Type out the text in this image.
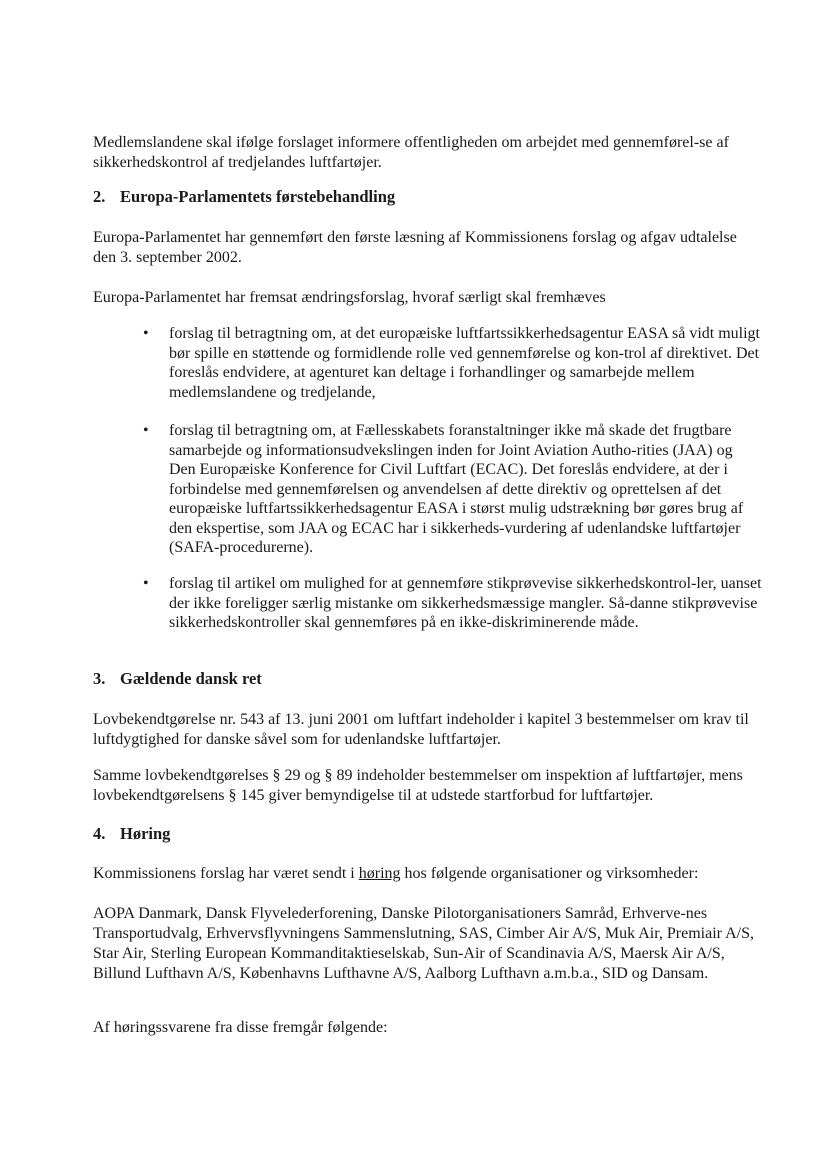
Medlemslandene skal ifølge forslaget informere offentligheden om arbejdet med gennemførel-se af sikkerhedskontrol af tredjelandes luftfartøjer.

2. Europa-Parlamentets førstebehandling

Europa-Parlamentet har gennemført den første læsning af Kommissionens forslag og afgav udtalelse den 3. september 2002.

Europa-Parlamentet har fremsat ændringsforslag, hvoraf særligt skal fremhæves

•	forslag til betragtning om, at det europæiske luftfartssikkerhedsagentur EASA så vidt muligt bør spille en støttende og formidlende rolle ved gennemførelse og kon-trol af direktivet. Det foreslås endvidere, at agenturet kan deltage i forhandlinger og samarbejde mellem medlemslandene og tredjelande,
•	forslag til betragtning om, at Fællesskabets foranstaltninger ikke må skade det frugtbare samarbejde og informationsudvekslingen inden for Joint Aviation Autho-rities (JAA) og Den Europæiske Konference for Civil Luftfart (ECAC). Det foreslås endvidere, at der i forbindelse med gennemførelsen og anvendelsen af dette direktiv og oprettelsen af det europæiske luftfartssikkerhedsagentur EASA i størst mulig udstrækning bør gøres brug af den ekspertise, som JAA og ECAC har i sikkerheds-vurdering af udenlandske luftfartøjer (SAFA-procedurerne).
•	forslag til artikel om mulighed for at gennemføre stikprøvevise sikkerhedskontrol-ler, uanset der ikke foreligger særlig mistanke om sikkerhedsmæssige mangler. Så-danne stikprøvevise sikkerhedskontroller skal gennemføres på en ikke-diskriminerende måde.
3. Gældende dansk ret

Lovbekendtgørelse nr. 543 af 13. juni 2001 om luftfart indeholder i kapitel 3 bestemmelser om krav til luftdygtighed for danske såvel som for udenlandske luftfartøjer.

Samme lovbekendtgørelses § 29 og § 89 indeholder bestemmelser om inspektion af luftfartøjer, mens lovbekendtgørelsens § 145 giver bemyndigelse til at udstede startforbud for luftfartøjer.

4. Høring

Kommissionens forslag har været sendt i høring hos følgende organisationer og virksomheder:

AOPA Danmark, Dansk Flyvelederforening, Danske Pilotorganisationers Samråd, Erhverve-nes Transportudvalg, Erhvervsflyvningens Sammenslutning, SAS, Cimber Air A/S, Muk Air, Premiair A/S, Star Air, Sterling European Kommanditaktieselskab, Sun-Air of Scandinavia A/S, Maersk Air A/S, Billund Lufthavn A/S, Københavns Lufthavne A/S, Aalborg Lufthavn a.m.b.a., SID og Dansam.

Af høringssvarene fra disse fremgår følgende:
